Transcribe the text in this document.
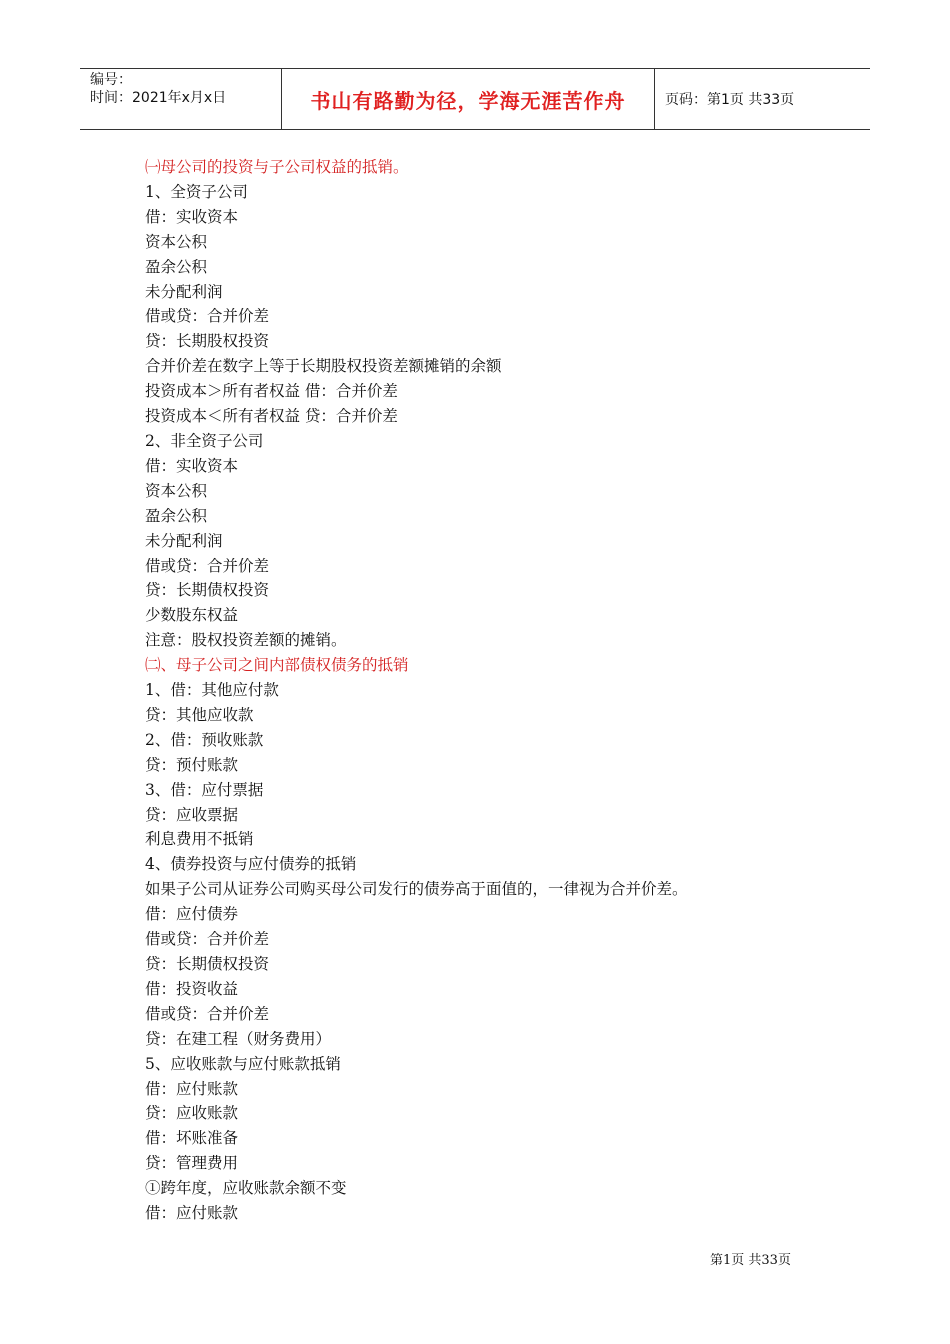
编号：
时间：2021年x月x日	书山有路勤为径，学海无涯苦作舟	页码：第1页 共33页
㈠母公司的投资与子公司权益的抵销。
1、全资子公司
借：实收资本
资本公积
盈余公积
未分配利润
借或贷：合并价差
贷：长期股权投资
合并价差在数字上等于长期股权投资差额摊销的余额
投资成本＞所有者权益 借：合并价差
投资成本＜所有者权益 贷：合并价差
2、非全资子公司
借：实收资本
资本公积
盈余公积
未分配利润
借或贷：合并价差
贷：长期债权投资
少数股东权益
注意：股权投资差额的摊销。
㈡、母子公司之间内部债权债务的抵销
1、借：其他应付款
贷：其他应收款
2、借：预收账款
贷：预付账款
3、借：应付票据
贷：应收票据
利息费用不抵销
4、债券投资与应付债券的抵销
如果子公司从证券公司购买母公司发行的债券高于面值的，一律视为合并价差。
借：应付债券
借或贷：合并价差
贷：长期债权投资
借：投资收益
借或贷：合并价差
贷：在建工程（财务费用）
5、应收账款与应付账款抵销
借：应付账款
贷：应收账款
借：坏账准备
贷：管理费用
①跨年度，应收账款余额不变
借：应付账款
第1页 共33页
